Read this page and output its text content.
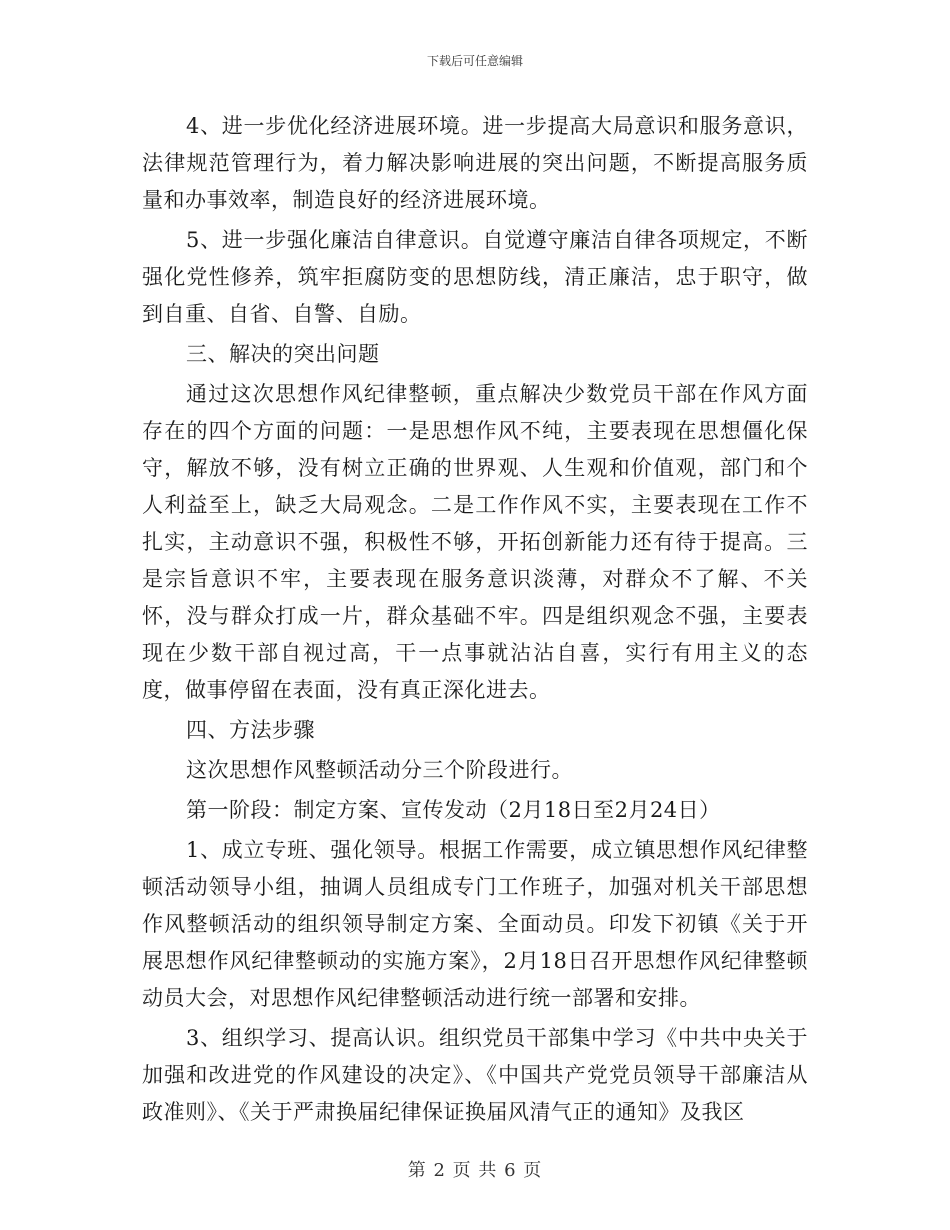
下载后可任意编辑

4、进一步优化经济进展环境。进一步提高大局意识和服务意识，法律规范管理行为，着力解决影响进展的突出问题，不断提高服务质量和办事效率，制造良好的经济进展环境。

5、进一步强化廉洁自律意识。自觉遵守廉洁自律各项规定，不断强化党性修养，筑牢拒腐防变的思想防线，清正廉洁，忠于职守，做到自重、自省、自警、自励。

三、解决的突出问题

通过这次思想作风纪律整顿，重点解决少数党员干部在作风方面存在的四个方面的问题：一是思想作风不纯，主要表现在思想僵化保守，解放不够，没有树立正确的世界观、人生观和价值观，部门和个人利益至上，缺乏大局观念。二是工作作风不实，主要表现在工作不扎实，主动意识不强，积极性不够，开拓创新能力还有待于提高。三是宗旨意识不牢，主要表现在服务意识淡薄，对群众不了解、不关怀，没与群众打成一片，群众基础不牢。四是组织观念不强，主要表现在少数干部自视过高，干一点事就沾沾自喜，实行有用主义的态度，做事停留在表面，没有真正深化进去。

四、方法步骤

这次思想作风整顿活动分三个阶段进行。

第一阶段：制定方案、宣传发动（2月18日至2月24日）

1、成立专班、强化领导。根据工作需要，成立镇思想作风纪律整顿活动领导小组，抽调人员组成专门工作班子，加强对机关干部思想作风整顿活动的组织领导制定方案、全面动员。印发下初镇《关于开展思想作风纪律整顿动的实施方案》，2月18日召开思想作风纪律整顿动员大会，对思想作风纪律整顿活动进行统一部署和安排。

3、组织学习、提高认识。组织党员干部集中学习《中共中央关于加强和改进党的作风建设的决定》、《中国共产党党员领导干部廉洁从政准则》、《关于严肃换届纪律保证换届风清气正的通知》及我区

第 2 页 共 6 页
